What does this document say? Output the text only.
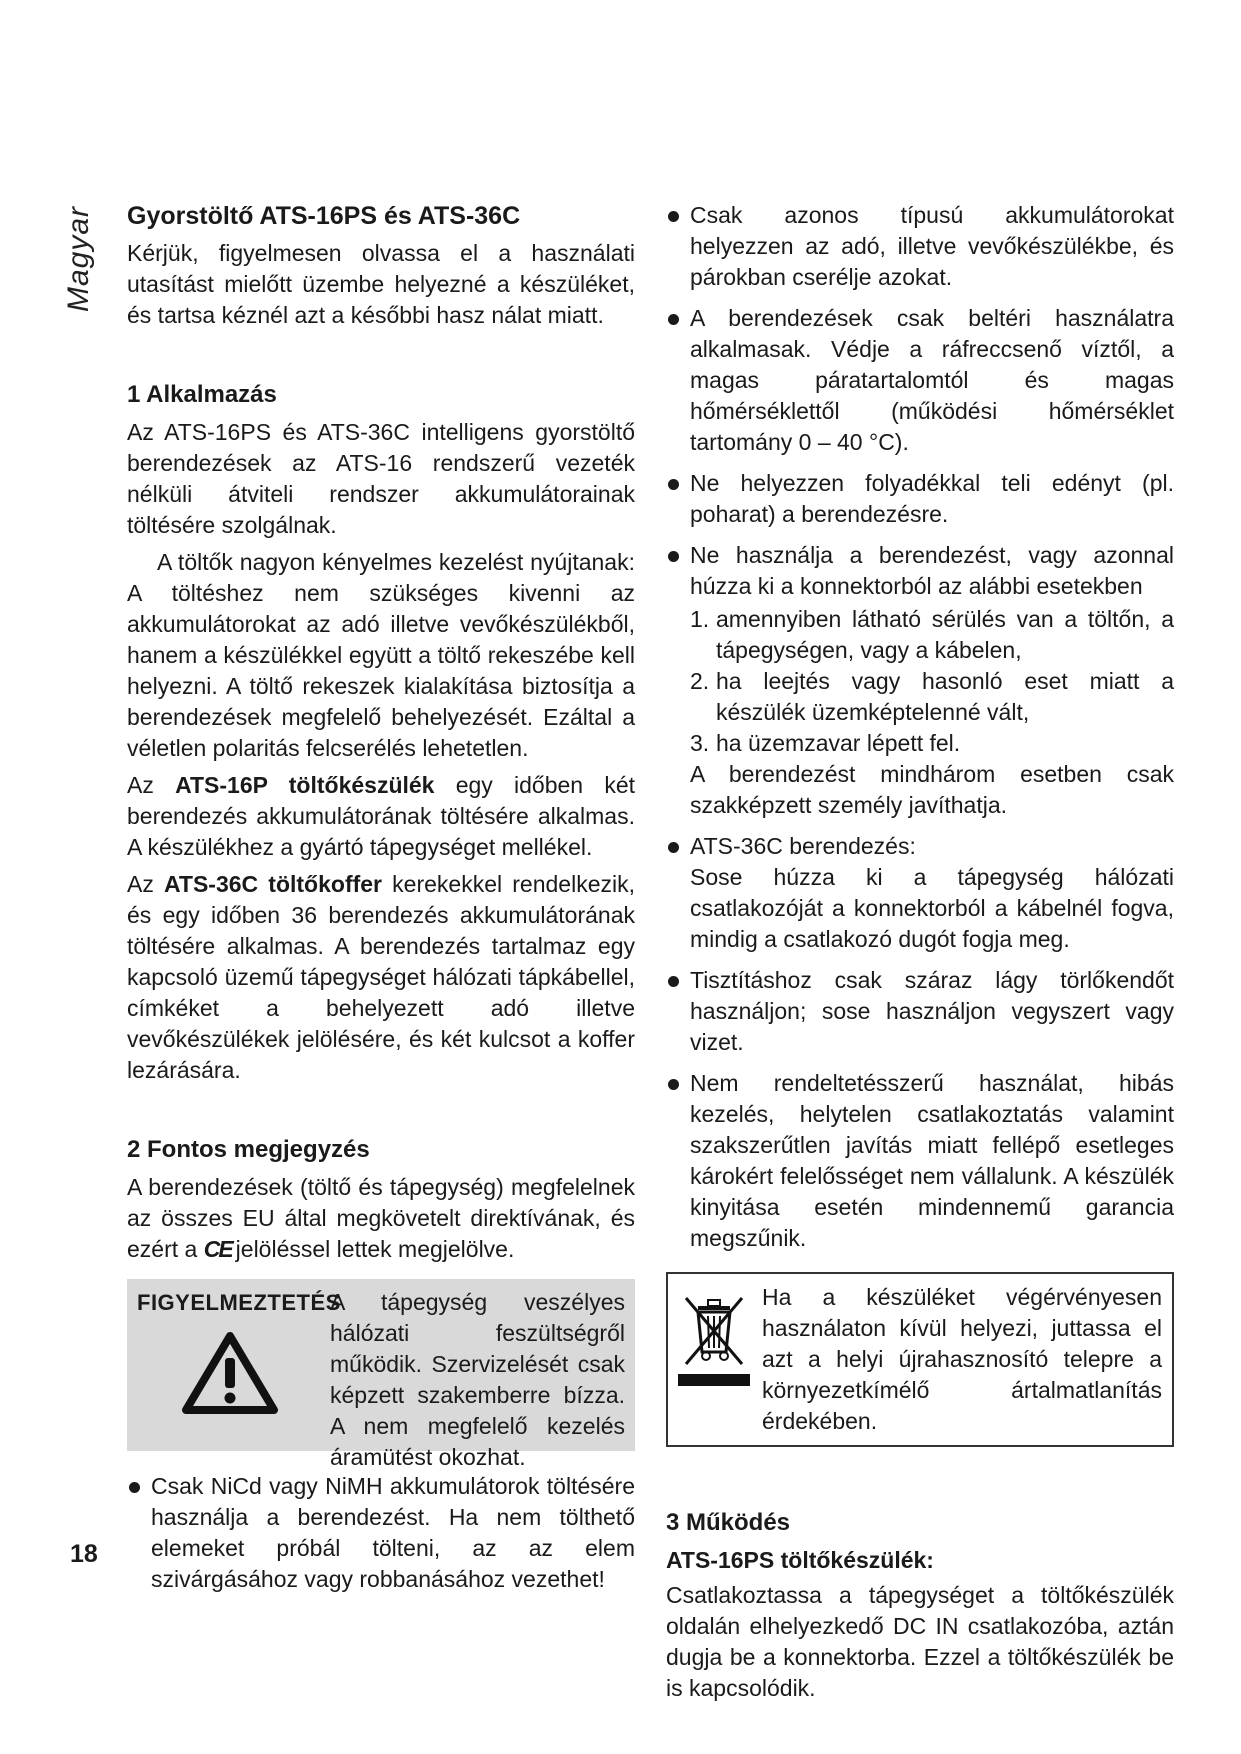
Magyar Gyorstöltő ATS-16PS és ATS-36C

Kérjük, figyelmesen olvassa el a használati utasítást mielőtt üzembe helyezné a készüléket, és tartsa kéznél azt a későbbi hasz nálat miatt.

1 Alkalmazás

Az ATS-16PS és ATS-36C intelligens gyorstöltő berendezések az ATS-16 rendszerű vezeték nélküli átviteli rendszer akkumulátorainak töltésére szolgálnak.

A töltők nagyon kényelmes kezelést nyújtanak: A töltéshez nem szükséges kivenni az akkumulátorokat az adó illetve vevőkészülékből, hanem a készülékkel együtt a töltő rekeszébe kell helyezni. A töltő rekeszek kialakítása biztosítja a berendezések megfelelő behelyezését. Ezáltal a véletlen polaritás felcserélés lehetetlen.

Az ATS-16P töltőkészülék egy időben két berendezés akkumulátorának töltésére alkalmas. A készülékhez a gyártó tápegységet mellékel.

Az ATS-36C töltőkoffer kerekekkel rendelkezik, és egy időben 36 berendezés akkumulátorának töltésére alkalmas. A berendezés tartalmaz egy kapcsoló üzemű tápegységet hálózati tápkábellel, címkéket a behelyezett adó illetve vevőkészülékek jelölésére, és két kulcsot a koffer lezárására.

2 Fontos megjegyzés

A berendezések (töltő és tápegység) megfelelnek az összes EU által megkövetelt direktívának, és ezért a CE jelöléssel lettek megjelölve.

FIGYELMEZTETÉS
A tápegység veszélyes hálózati feszültségről működik. Szervizelését csak képzett szakemberre bízza. A nem megfelelő kezelés áramütést okozhat.
Csak NiCd vagy NiMH akkumulátorok töltésére használja a berendezést. Ha nem tölthető elemeket próbál tölteni, az az elem szivárgásához vagy robbanásához vezethet!
Csak azonos típusú akkumulátorokat helyezzen az adó, illetve vevőkészülékbe, és párokban cserélje azokat.
A berendezések csak beltéri használatra alkalmasak. Védje a ráfreccsenő víztől, a magas páratartalomtól és magas hőmérséklettől (működési hőmérséklet tartomány 0 – 40 °C).
Ne helyezzen folyadékkal teli edényt (pl. poharat) a berendezésre.
Ne használja a berendezést, vagy azonnal húzza ki a konnektorból az alábbi esetekben
1. amennyiben látható sérülés van a töltőn, a tápegységen, vagy a kábelen,
2. ha leejtés vagy hasonló eset miatt a készülék üzemképtelenné vált,
3. ha üzemzavar lépett fel.
A berendezést mindhárom esetben csak szakképzett személy javíthatja.
ATS-36C berendezés:
Sose húzza ki a tápegység hálózati csatlakozóját a konnektorból a kábelnél fogva, mindig a csatlakozó dugót fogja meg.
Tisztításhoz csak száraz lágy törlőkendőt használjon; sose használjon vegyszert vagy vizet.
Nem rendeltetésszerű használat, hibás kezelés, helytelen csatlakoztatás valamint szakszerűtlen javítás miatt fellépő esetleges károkért felelősséget nem vállalunk. A készülék kinyitása esetén mindennemű garancia megszűnik.
Ha a készüléket végérvényesen használaton kívül helyezi, juttassa el azt a helyi újrahasznosító telepre a környezetkímélő ártalmatlanítás érdekében.
3 Működés
ATS-16PS töltőkészülék:

Csatlakoztassa a tápegységet a töltőkészülék oldalán elhelyezkedő DC IN csatlakozóba, aztán dugja be a konnektorba. Ezzel a töltőkészülék be is kapcsolódik.

18
